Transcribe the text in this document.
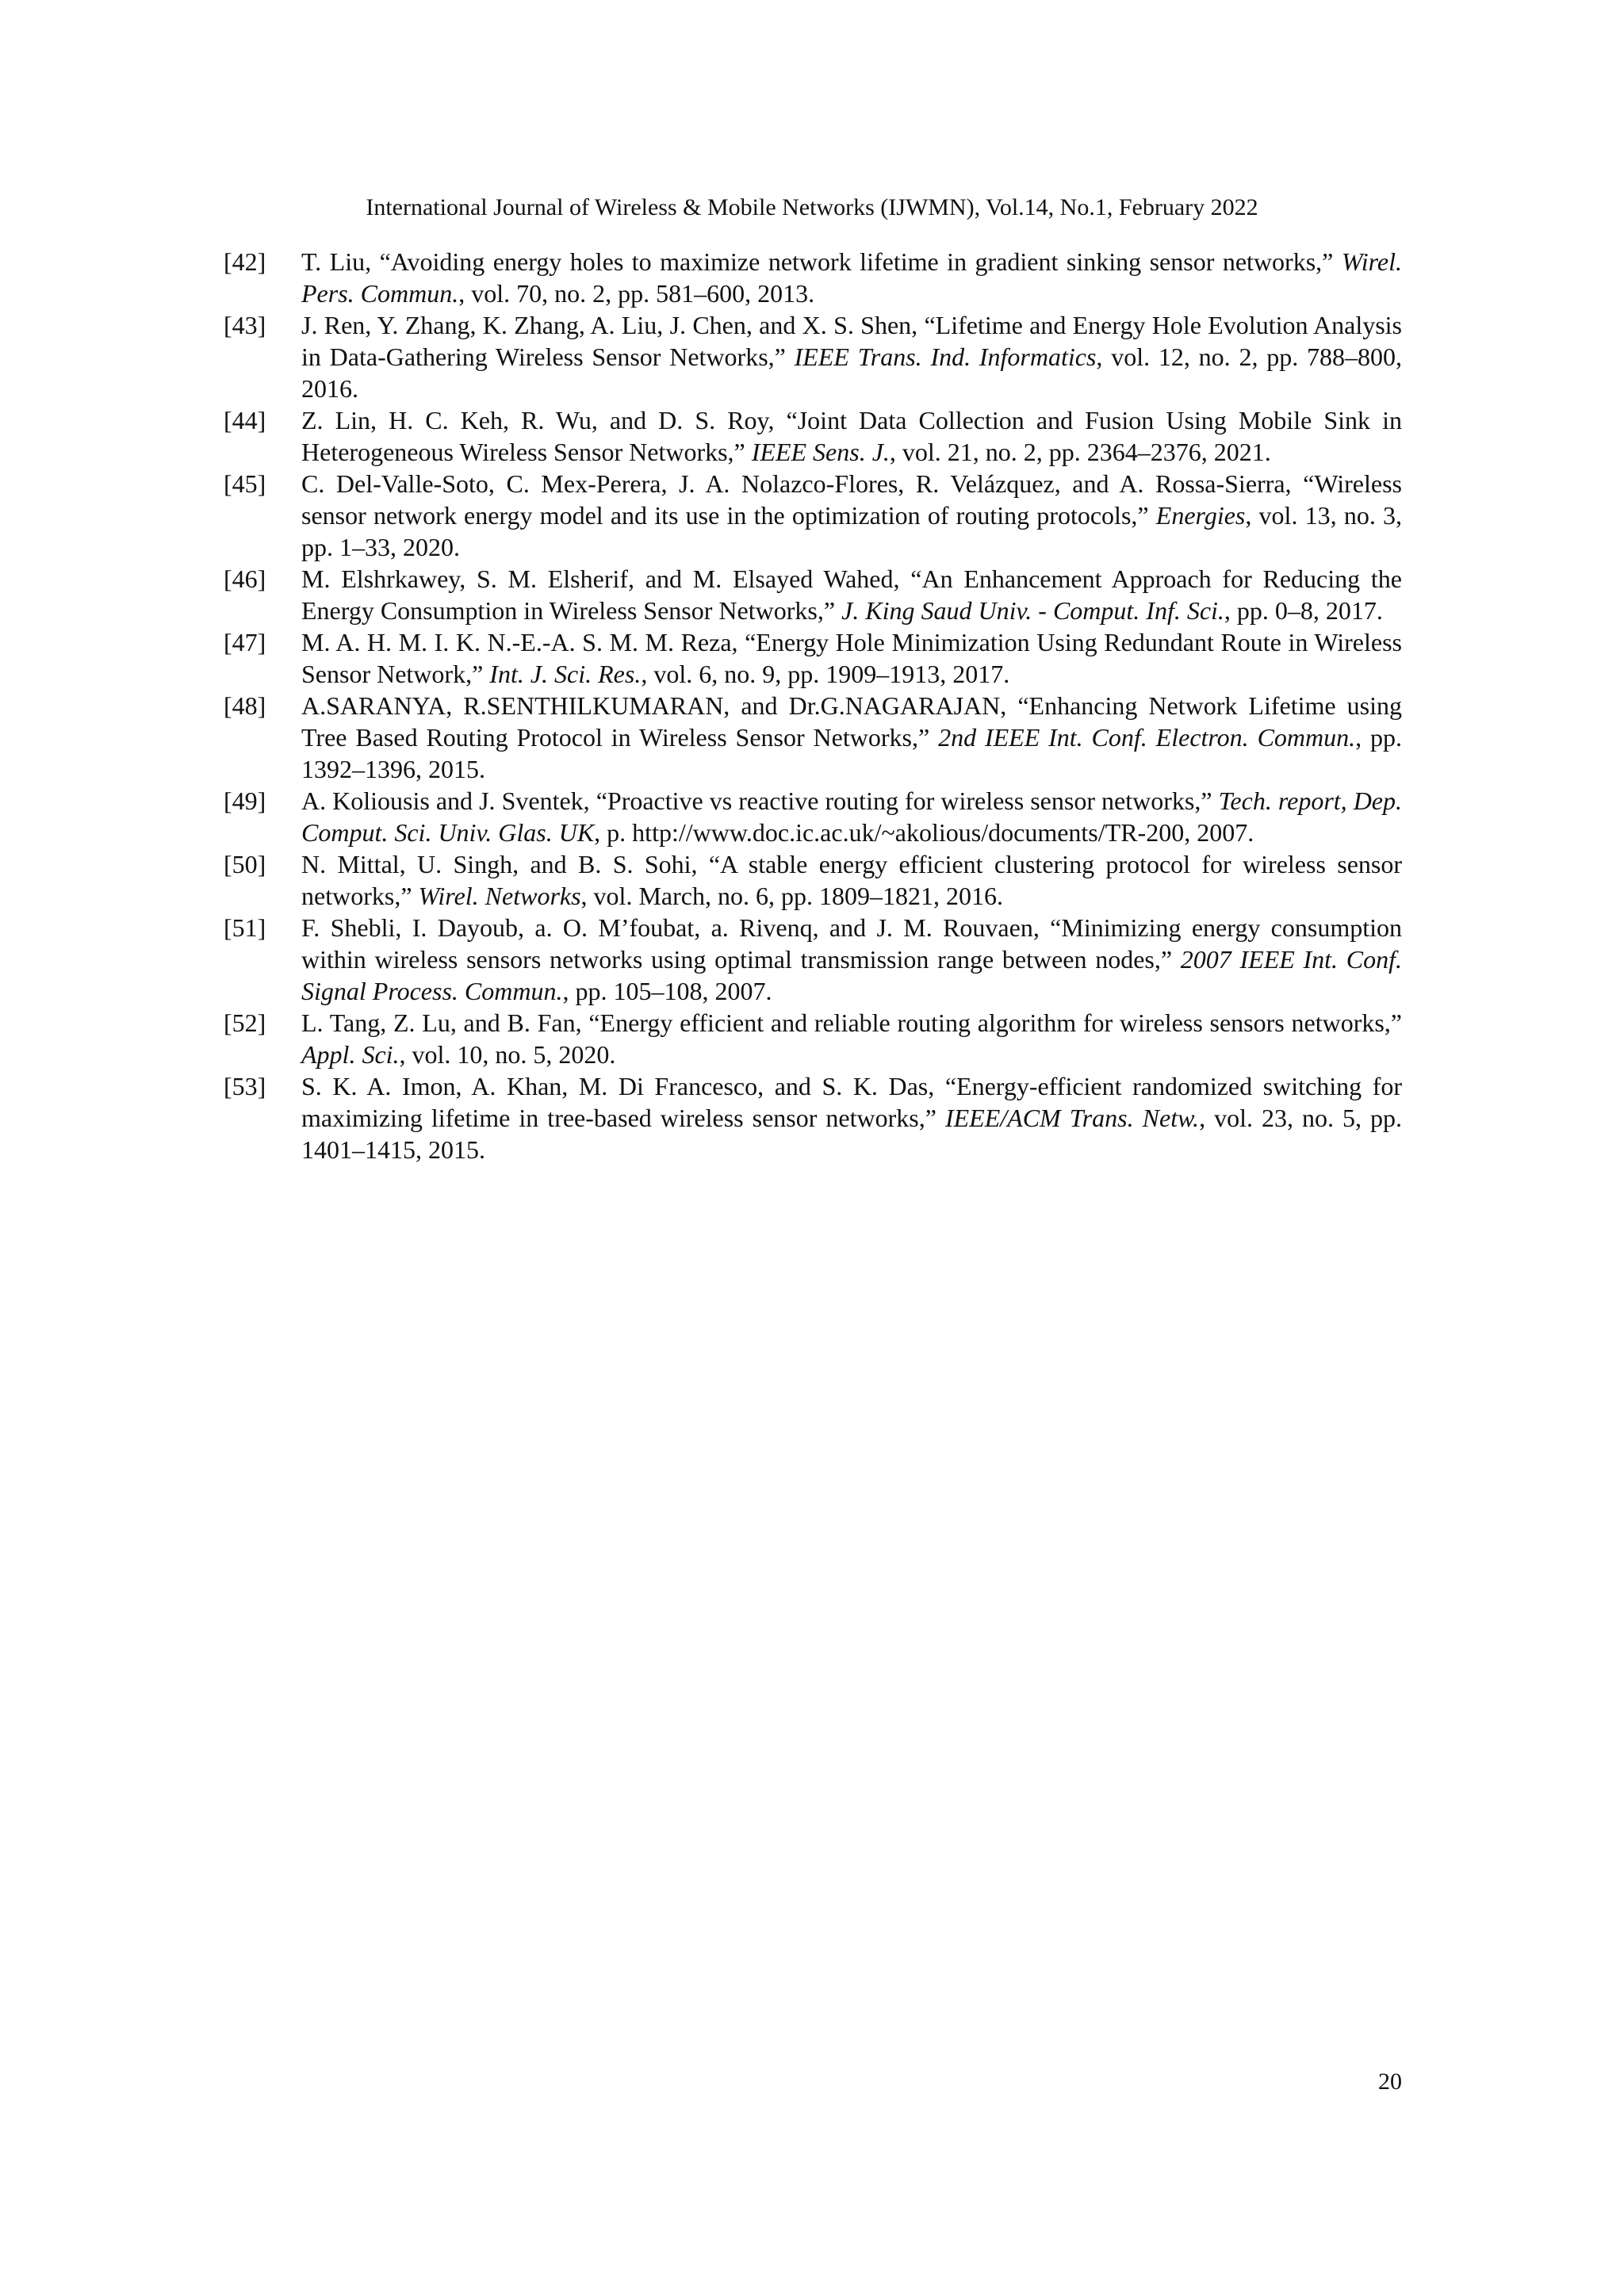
International Journal of Wireless & Mobile Networks (IJWMN), Vol.14, No.1, February 2022
[42] T. Liu, “Avoiding energy holes to maximize network lifetime in gradient sinking sensor networks,” Wirel. Pers. Commun., vol. 70, no. 2, pp. 581–600, 2013.
[43] J. Ren, Y. Zhang, K. Zhang, A. Liu, J. Chen, and X. S. Shen, “Lifetime and Energy Hole Evolution Analysis in Data-Gathering Wireless Sensor Networks,” IEEE Trans. Ind. Informatics, vol. 12, no. 2, pp. 788–800, 2016.
[44] Z. Lin, H. C. Keh, R. Wu, and D. S. Roy, “Joint Data Collection and Fusion Using Mobile Sink in Heterogeneous Wireless Sensor Networks,” IEEE Sens. J., vol. 21, no. 2, pp. 2364–2376, 2021.
[45] C. Del-Valle-Soto, C. Mex-Perera, J. A. Nolazco-Flores, R. Velázquez, and A. Rossa-Sierra, “Wireless sensor network energy model and its use in the optimization of routing protocols,” Energies, vol. 13, no. 3, pp. 1–33, 2020.
[46] M. Elshrkawey, S. M. Elsherif, and M. Elsayed Wahed, “An Enhancement Approach for Reducing the Energy Consumption in Wireless Sensor Networks,” J. King Saud Univ. - Comput. Inf. Sci., pp. 0–8, 2017.
[47] M. A. H. M. I. K. N.-E.-A. S. M. M. Reza, “Energy Hole Minimization Using Redundant Route in Wireless Sensor Network,” Int. J. Sci. Res., vol. 6, no. 9, pp. 1909–1913, 2017.
[48] A.SARANYA, R.SENTHILKUMARAN, and Dr.G.NAGARAJAN, “Enhancing Network Lifetime using Tree Based Routing Protocol in Wireless Sensor Networks,” 2nd IEEE Int. Conf. Electron. Commun., pp. 1392–1396, 2015.
[49] A. Koliousis and J. Sventek, “Proactive vs reactive routing for wireless sensor networks,” Tech. report, Dep. Comput. Sci. Univ. Glas. UK, p. http://www.doc.ic.ac.uk/~akolious/documents/TR-200, 2007.
[50] N. Mittal, U. Singh, and B. S. Sohi, “A stable energy efficient clustering protocol for wireless sensor networks,” Wirel. Networks, vol. March, no. 6, pp. 1809–1821, 2016.
[51] F. Shebli, I. Dayoub, a. O. M’foubat, a. Rivenq, and J. M. Rouvaen, “Minimizing energy consumption within wireless sensors networks using optimal transmission range between nodes,” 2007 IEEE Int. Conf. Signal Process. Commun., pp. 105–108, 2007.
[52] L. Tang, Z. Lu, and B. Fan, “Energy efficient and reliable routing algorithm for wireless sensors networks,” Appl. Sci., vol. 10, no. 5, 2020.
[53] S. K. A. Imon, A. Khan, M. Di Francesco, and S. K. Das, “Energy-efficient randomized switching for maximizing lifetime in tree-based wireless sensor networks,” IEEE/ACM Trans. Netw., vol. 23, no. 5, pp. 1401–1415, 2015.
20
